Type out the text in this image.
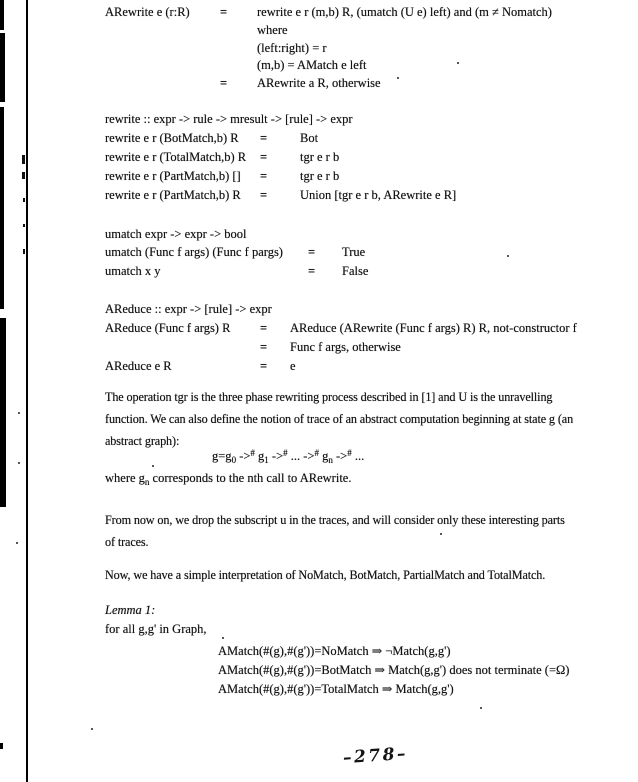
ARewrite e (r:R) = rewrite e r (m,b) R, (umatch (U e) left) and (m ≠ Nomatch)
where
(left:right) = r
(m,b) = AMatch e left
= ARewrite a R, otherwise
rewrite :: expr -> rule -> mresult -> [rule] -> expr
rewrite e r (BotMatch,b) R =	Bot
rewrite e r (TotalMatch,b) R =	tgr e r b
rewrite e r (PartMatch,b) [] =	tgr e r b
rewrite e r (PartMatch,b) R =	Union [tgr e r b, ARewrite e R]
umatch expr -> expr -> bool
umatch (Func f args) (Func f pargs) = True
umatch x y	= False
AReduce :: expr -> [rule] -> expr
AReduce (Func f args) R = AReduce (ARewrite (Func f args) R) R, not-constructor f
= Func f args, otherwise
AReduce e R	= e
The operation tgr is the three phase rewriting process described in [1] and U is the unravelling
function. We can also define the notion of trace of an abstract computation beginning at state g (an
abstract graph):
$g=g_0$ -># $g_1$ -># ... -># $g_n$ -># ...
where $g_n$ corresponds to the nth call to ARewrite.
From now on, we drop the subscript u in the traces, and will consider only these interesting parts
of traces.
Now, we have a simple interpretation of NoMatch, BotMatch, PartialMatch and TotalMatch.
Lemma 1:
for all g,g' in Graph,
AMatch(#(g),#(g'))=NoMatch ⇒ ¬Match(g,g')
AMatch(#(g),#(g'))=BotMatch ⇒ Match(g,g') does not terminate (=Ω)
AMatch(#(g),#(g'))=TotalMatch ⇒ Match(g,g')
–278–
